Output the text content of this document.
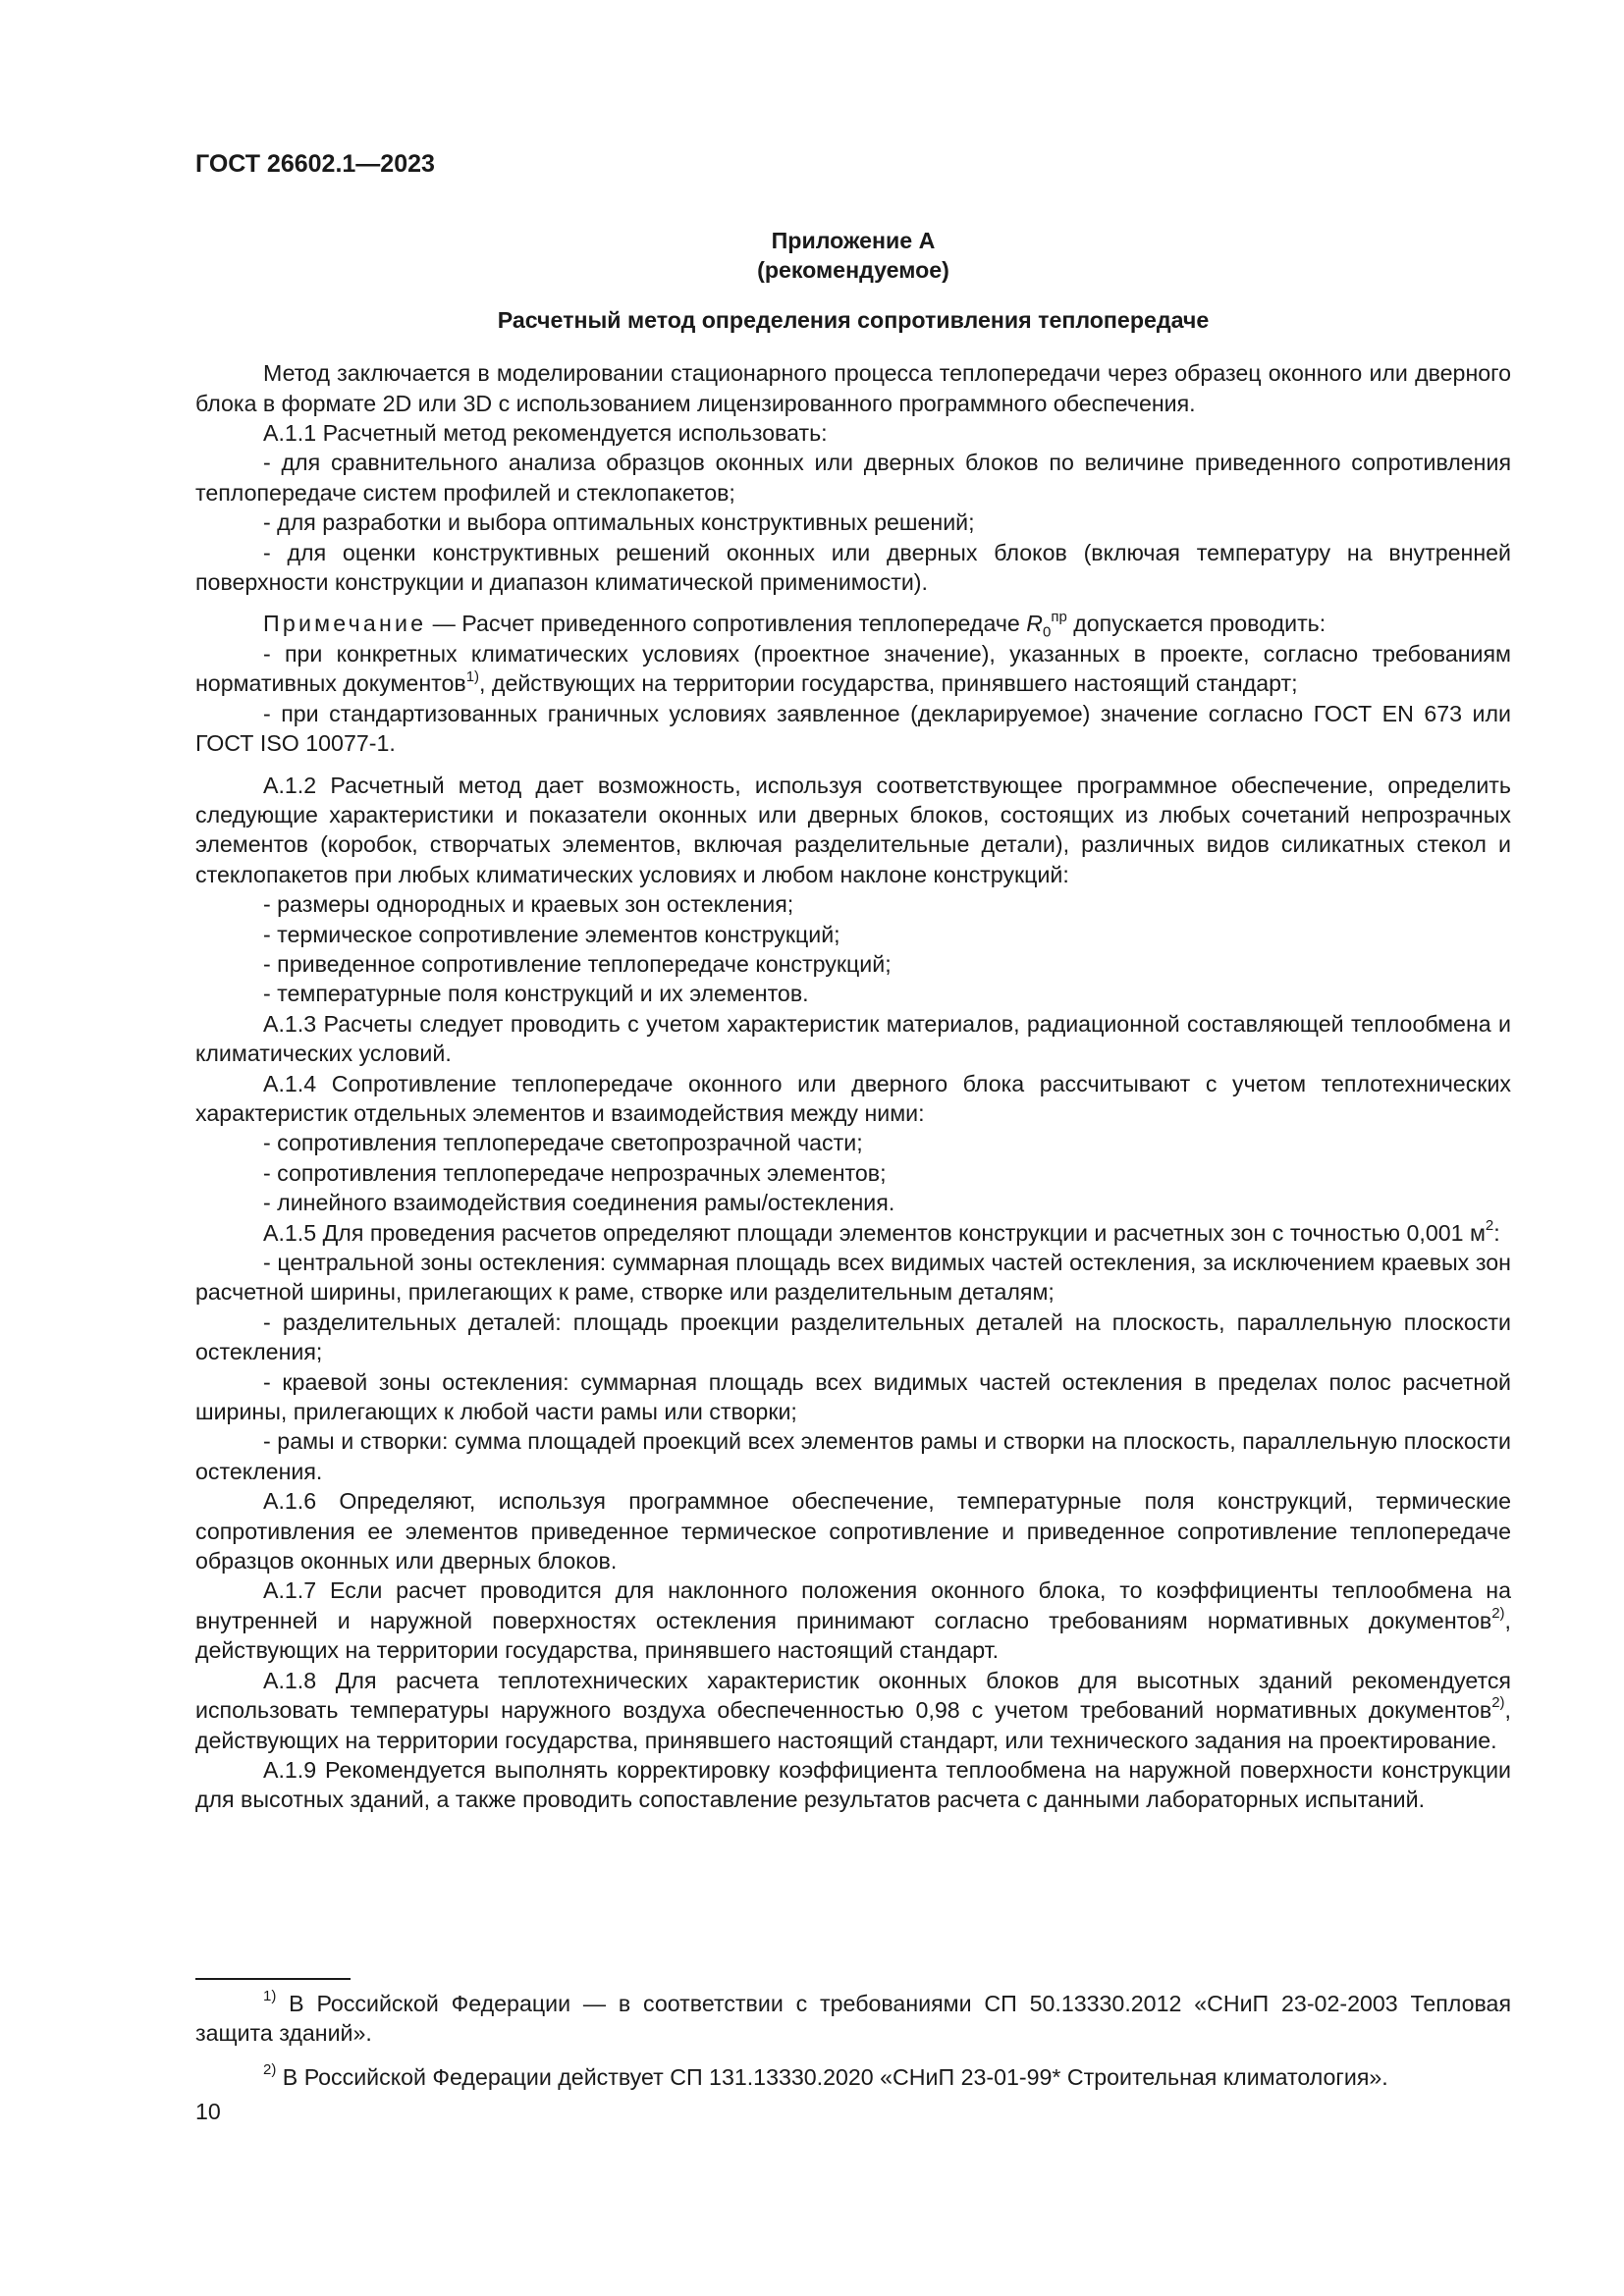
ГОСТ 26602.1—2023
Приложение А
(рекомендуемое)
Расчетный метод определения сопротивления теплопередаче

Метод заключается в моделировании стационарного процесса теплопередачи через образец оконного или дверного блока в формате 2D или 3D с использованием лицензированного программного обеспечения.

А.1.1 Расчетный метод рекомендуется использовать:

- для сравнительного анализа образцов оконных или дверных блоков по величине приведенного сопротивления теплопередаче систем профилей и стеклопакетов;

- для разработки и выбора оптимальных конструктивных решений;

- для оценки конструктивных решений оконных или дверных блоков (включая температуру на внутренней поверхности конструкции и диапазон климатической применимости).

Примечание — Расчет приведенного сопротивления теплопередаче $R_0^{пр}$ допускается проводить:

- при конкретных климатических условиях (проектное значение), указанных в проекте, согласно требованиям нормативных документов$^{1)}$, действующих на территории государства, принявшего настоящий стандарт;

- при стандартизованных граничных условиях заявленное (декларируемое) значение согласно ГОСТ EN 673 или ГОСТ ISO 10077-1.

А.1.2 Расчетный метод дает возможность, используя соответствующее программное обеспечение, определить следующие характеристики и показатели оконных или дверных блоков, состоящих из любых сочетаний непрозрачных элементов (коробок, створчатых элементов, включая разделительные детали), различных видов силикатных стекол и стеклопакетов при любых климатических условиях и любом наклоне конструкций:

- размеры однородных и краевых зон остекления;

- термическое сопротивление элементов конструкций;

- приведенное сопротивление теплопередаче конструкций;

- температурные поля конструкций и их элементов.

А.1.3 Расчеты следует проводить с учетом характеристик материалов, радиационной составляющей теплообмена и климатических условий.

А.1.4 Сопротивление теплопередаче оконного или дверного блока рассчитывают с учетом теплотехнических характеристик отдельных элементов и взаимодействия между ними:

- сопротивления теплопередаче светопрозрачной части;

- сопротивления теплопередаче непрозрачных элементов;

- линейного взаимодействия соединения рамы/остекления.

А.1.5 Для проведения расчетов определяют площади элементов конструкции и расчетных зон с точностью 0,001 $м^2$:

- центральной зоны остекления: суммарная площадь всех видимых частей остекления, за исключением краевых зон расчетной ширины, прилегающих к раме, створке или разделительным деталям;

- разделительных деталей: площадь проекции разделительных деталей на плоскость, параллельную плоскости остекления;

- краевой зоны остекления: суммарная площадь всех видимых частей остекления в пределах полос расчетной ширины, прилегающих к любой части рамы или створки;

- рамы и створки: сумма площадей проекций всех элементов рамы и створки на плоскость, параллельную плоскости остекления.

А.1.6 Определяют, используя программное обеспечение, температурные поля конструкций, термические сопротивления ее элементов приведенное термическое сопротивление и приведенное сопротивление теплопередаче образцов оконных или дверных блоков.

А.1.7 Если расчет проводится для наклонного положения оконного блока, то коэффициенты теплообмена на внутренней и наружной поверхностях остекления принимают согласно требованиям нормативных документов$^{2)}$, действующих на территории государства, принявшего настоящий стандарт.

А.1.8 Для расчета теплотехнических характеристик оконных блоков для высотных зданий рекомендуется использовать температуры наружного воздуха обеспеченностью 0,98 с учетом требований нормативных документов$^{2)}$, действующих на территории государства, принявшего настоящий стандарт, или технического задания на проектирование.

А.1.9 Рекомендуется выполнять корректировку коэффициента теплообмена на наружной поверхности конструкции для высотных зданий, а также проводить сопоставление результатов расчета с данными лабораторных испытаний.

$^{1)}$ В Российской Федерации — в соответствии с требованиями СП 50.13330.2012 «СНиП 23-02-2003 Тепловая защита зданий».

$^{2)}$ В Российской Федерации действует СП 131.13330.2020 «СНиП 23-01-99* Строительная климатология».

10
